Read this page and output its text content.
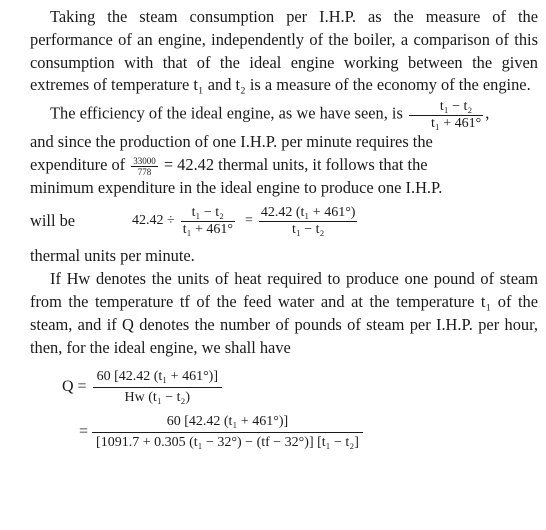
Taking the steam consumption per I.H.P. as the measure of the performance of an engine, independently of the boiler, a comparison of this consumption with that of the ideal engine working between the given extremes of temperature t₁ and t₂ is a measure of the economy of the engine.

The efficiency of the ideal engine, as we have seen, is $\frac{\text{t₁ − t₂}}{\text{t₁ + 461°}}$ ,

and since the production of one I.H.P. per minute requires the

expenditure of $\frac{33000}{778} = 42.42$ thermal units, it follows that the

minimum expenditure in the ideal engine to produce one I.H.P.

will be	$42.42 \div \frac{\text{t₁ − t₂}}{\text{t₁ + 461°}} = \frac{\text{42.42 (t₁ + 461°)}}{\text{t₁ − t₂}}$

thermal units per minute.

If Hw denotes the units of heat required to produce one pound of steam from the temperature tf of the feed water and at the temperature t₁ of the steam, and if Q denotes the number of pounds of steam per I.H.P. per hour, then, for the ideal engine, we shall have

$Q = \frac{\text{60 [42.42 (t₁ + 461°)]}}{\text{Hw (t₁ − t₂)}}$
= $\frac{\text{60 [42.42 (t₁ + 461°)]}}{\text{[1091.7 + 0.305 (t₁ − 32°) − (tf − 32°)] [t₁ − t₂]}}$
